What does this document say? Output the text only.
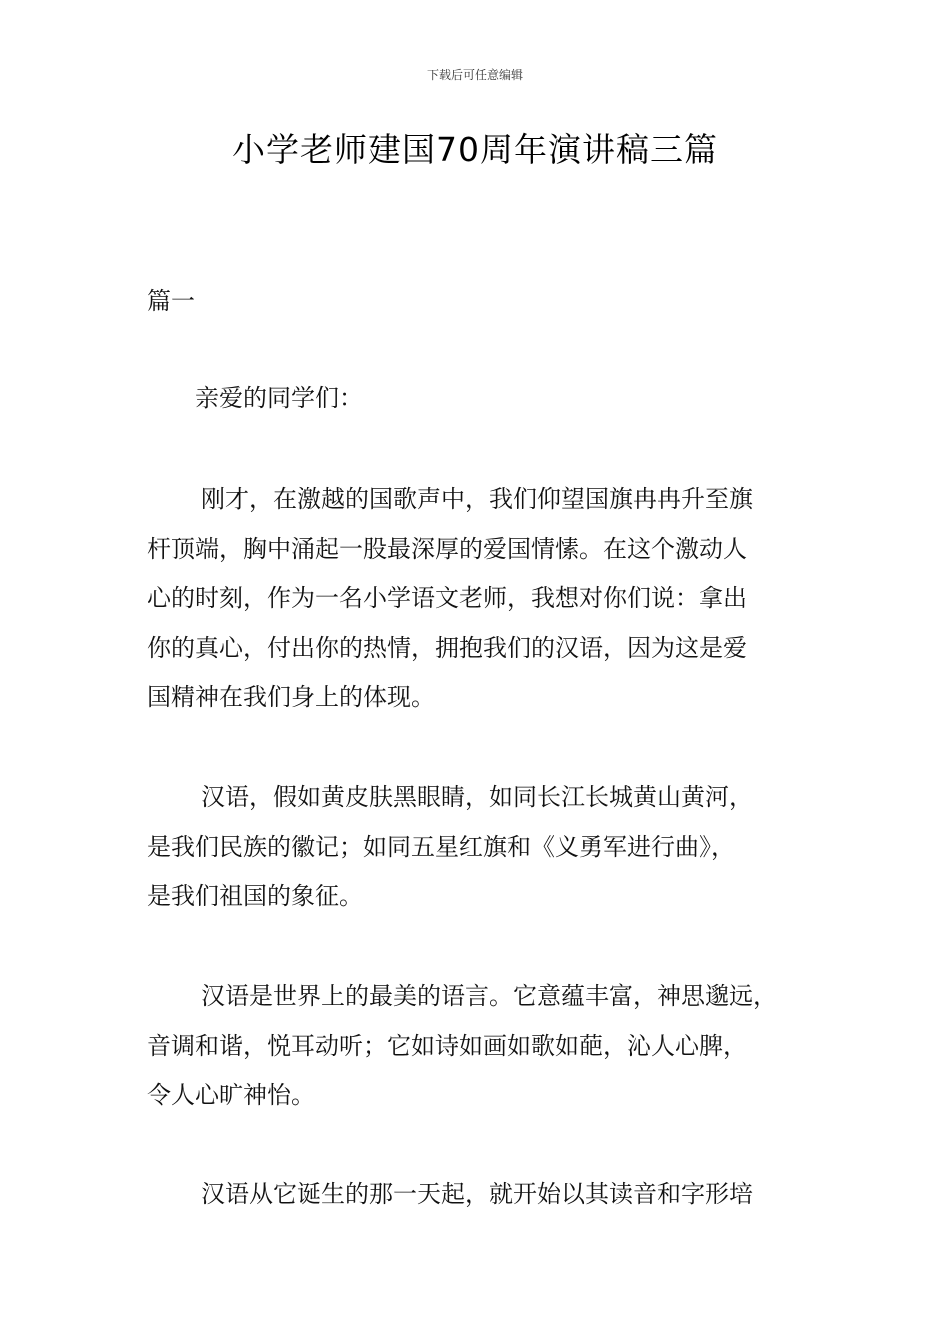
下载后可任意编辑
小学老师建国70周年演讲稿三篇
篇一
亲爱的同学们：
刚才，在激越的国歌声中，我们仰望国旗冉冉升至旗
杆顶端，胸中涌起一股最深厚的爱国情愫。在这个激动人
心的时刻，作为一名小学语文老师，我想对你们说：拿出
你的真心，付出你的热情，拥抱我们的汉语，因为这是爱
国精神在我们身上的体现。
汉语，假如黄皮肤黑眼睛，如同长江长城黄山黄河，
是我们民族的徽记；如同五星红旗和《义勇军进行曲》，
是我们祖国的象征。
汉语是世界上的最美的语言。它意蕴丰富，神思邈远，
音调和谐，悦耳动听；它如诗如画如歌如葩，沁人心脾，
令人心旷神怡。
汉语从它诞生的那一天起，就开始以其读音和字形培
